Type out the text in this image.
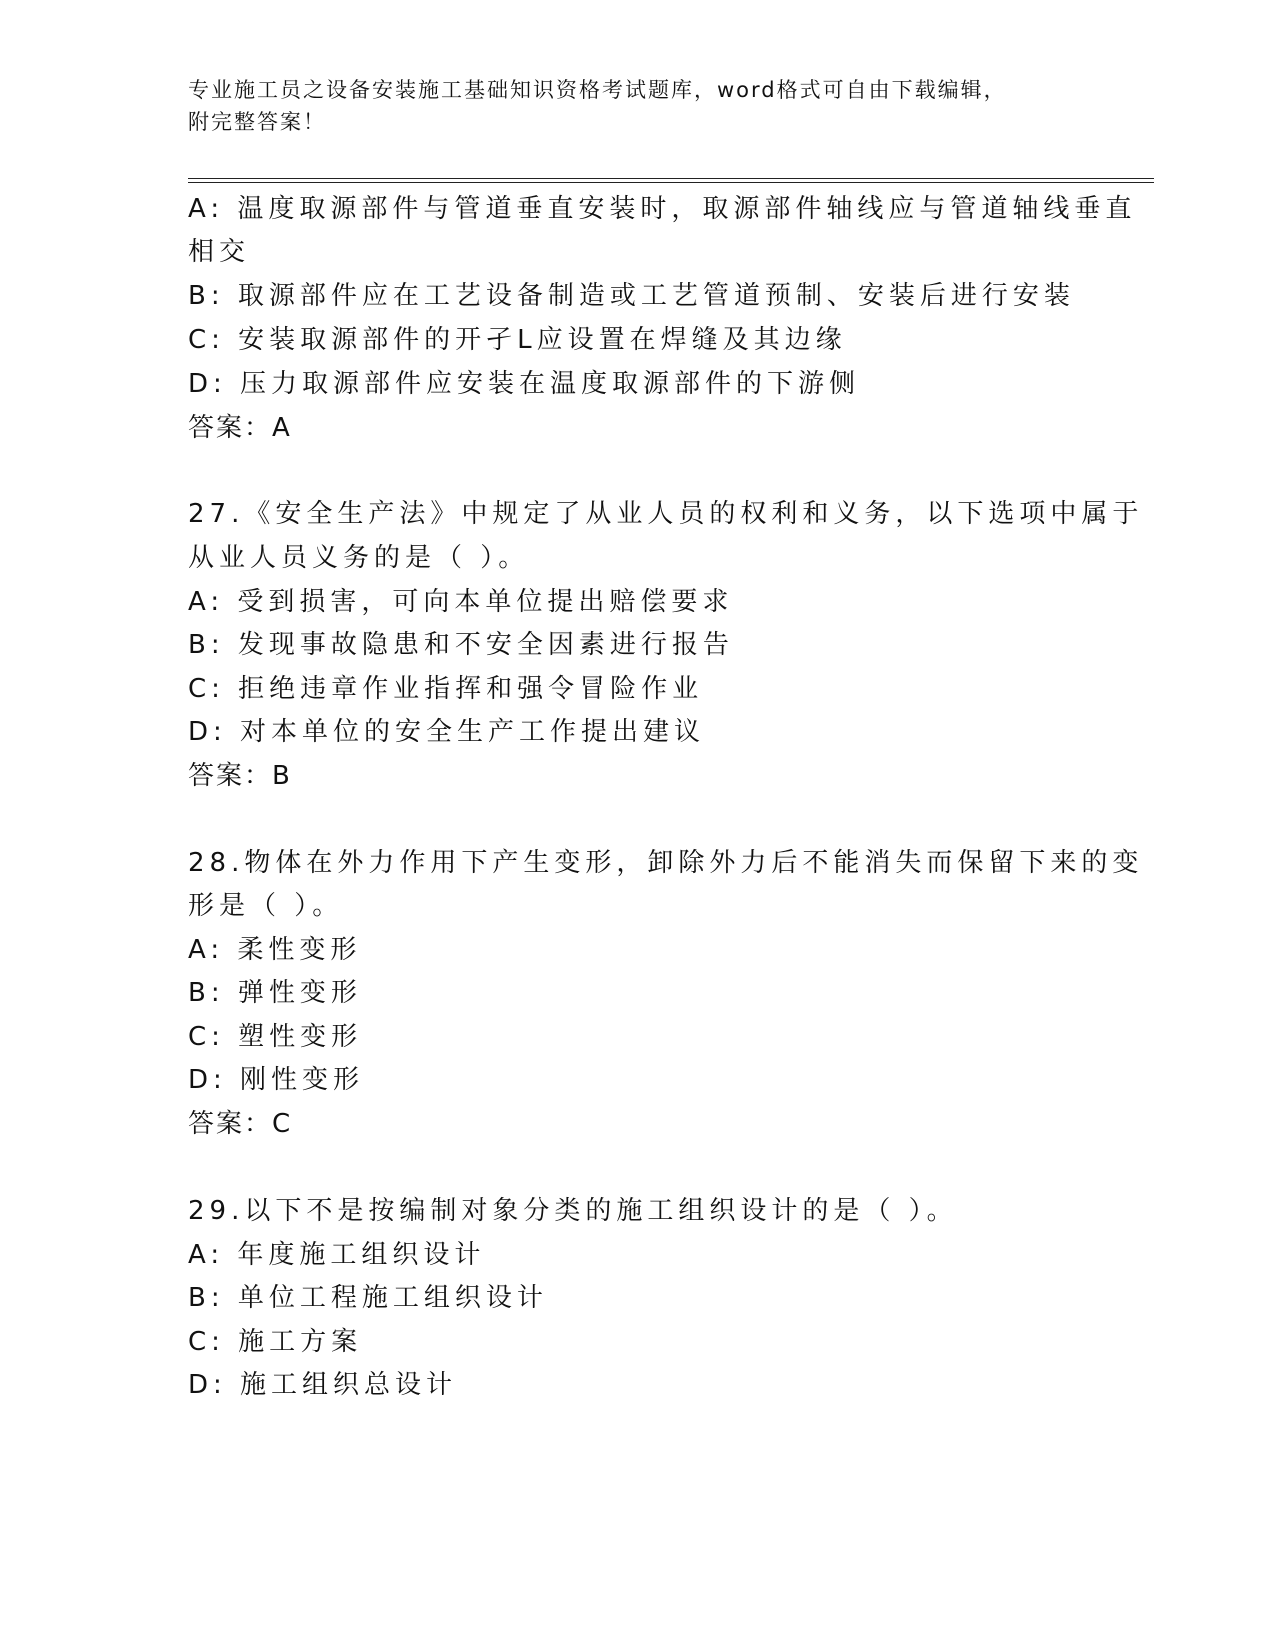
专业施工员之设备安装施工基础知识资格考试题库，word格式可自由下载编辑，
附完整答案！
A: 温度取源部件与管道垂直安装时，取源部件轴线应与管道轴线垂直
相交
B: 取源部件应在工艺设备制造或工艺管道预制、安装后进行安装
C: 安装取源部件的开孑L应设置在焊缝及其边缘
D: 压力取源部件应安装在温度取源部件的下游侧
答案：A
27.《安全生产法》中规定了从业人员的权利和义务，以下选项中属于
从业人员义务的是（ ）。
A: 受到损害，可向本单位提出赔偿要求
B: 发现事故隐患和不安全因素进行报告
C: 拒绝违章作业指挥和强令冒险作业
D: 对本单位的安全生产工作提出建议
答案：B
28.物体在外力作用下产生变形，卸除外力后不能消失而保留下来的变
形是（ ）。
A: 柔性变形
B: 弹性变形
C: 塑性变形
D: 刚性变形
答案：C
29.以下不是按编制对象分类的施工组织设计的是（ ）。
A: 年度施工组织设计
B: 单位工程施工组织设计
C: 施工方案
D: 施工组织总设计
